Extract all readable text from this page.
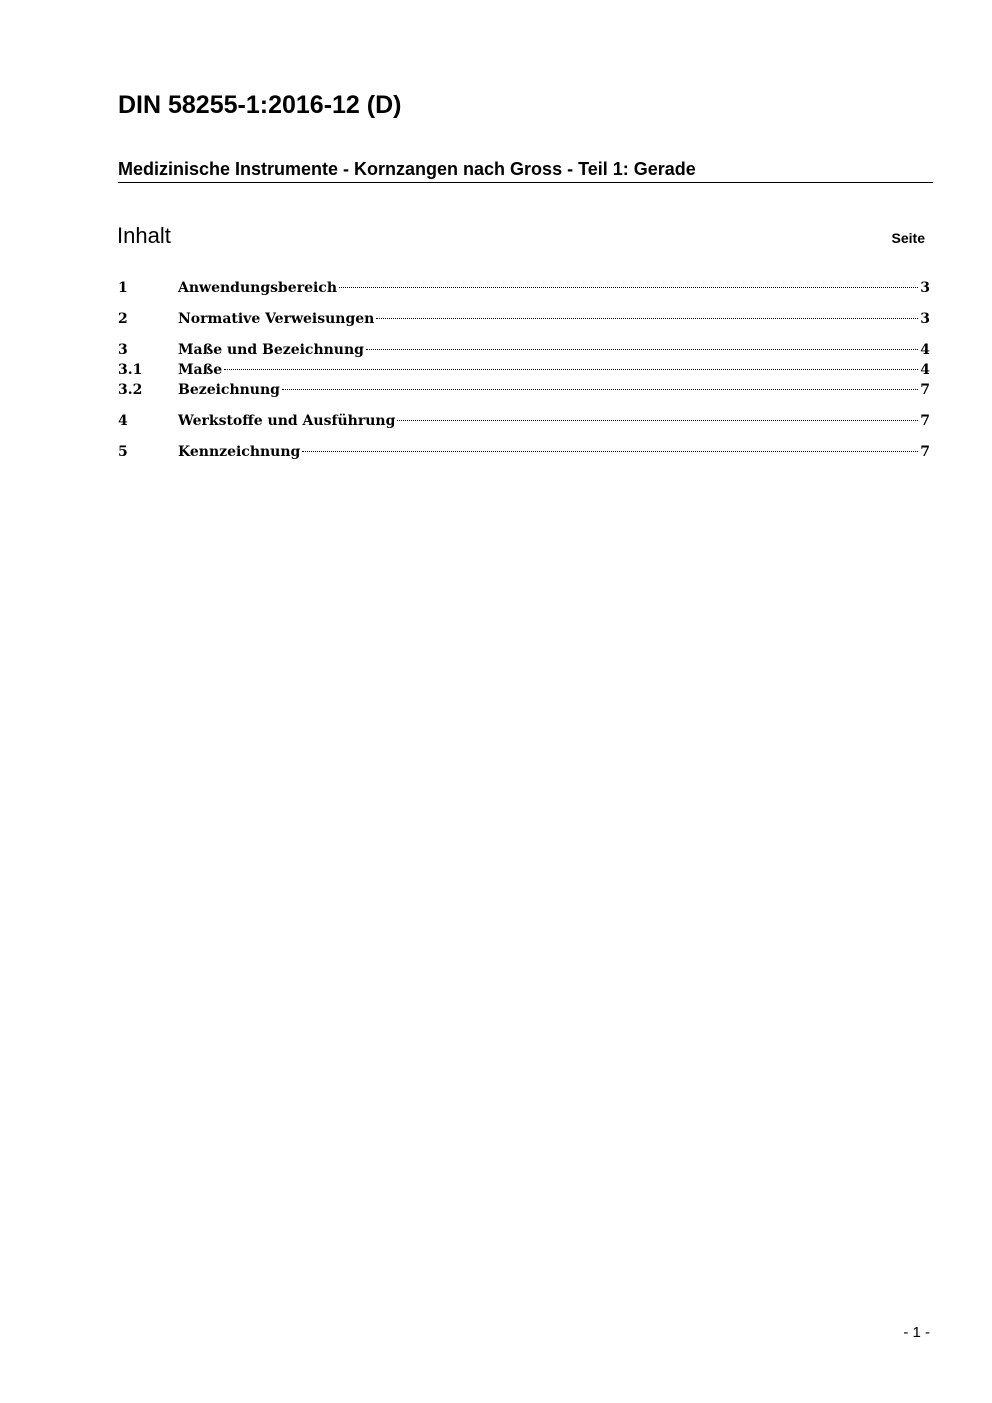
DIN 58255-1:2016-12 (D)
Medizinische Instrumente - Kornzangen nach Gross - Teil 1: Gerade
Inhalt	Seite
1	Anwendungsbereich	3
2	Normative Verweisungen	3
3	Maße und Bezeichnung	4
3.1	Maße	4
3.2	Bezeichnung	7
4	Werkstoffe und Ausführung	7
5	Kennzeichnung	7
- 1 -
